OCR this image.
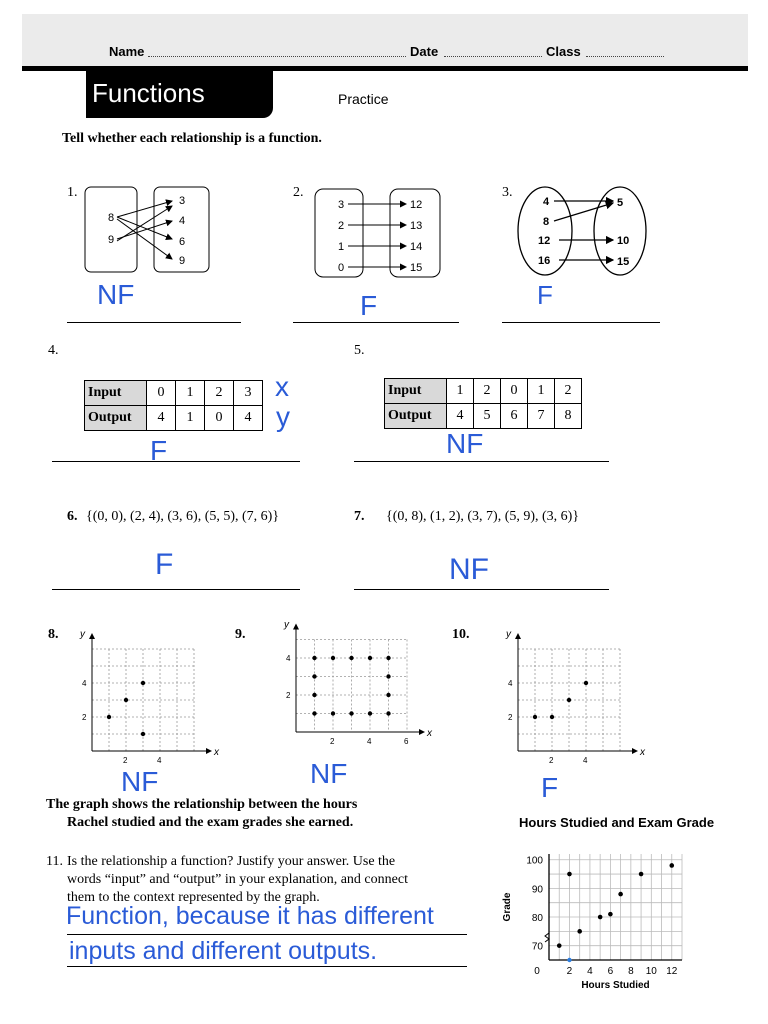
Name	Date	Class
Functions	Practice
Tell whether each relationship is a function.
1.
8
9
3
4
6
9
NF
2.
3
2
1
0
12
13
14
15
F
3.
4
8
12
16
5
10
15
F
4.
Input	0	1	2	3
Output	4	1	0	4
x
y
F
5.
Input	1	2	0	1	2
Output	4	5	6	7	8
NF
6. {(0, 0), (2, 4), (3, 6), (5, 5), (7, 6)}
F
7. {(0, 8), (1, 2), (3, 7), (5, 9), (3, 6)}
NF
8. y
x
2	4
2
4
NF
9.
y
x
2	4	6
2
4
NF
10.	y
x
2	4
2
4
F
The graph shows the relationship between the hours
Rachel studied and the exam grades she earned.
11. Is the relationship a function? Justify your answer. Use the
words “input” and “output” in your explanation, and connect
them to the context represented by the graph.
Function, because it has different
inputs and different outputs.
Hours Studied and Exam Grade
70
80
90
100
0	2 4 6 8 10 12
Hours Studied
Grade
